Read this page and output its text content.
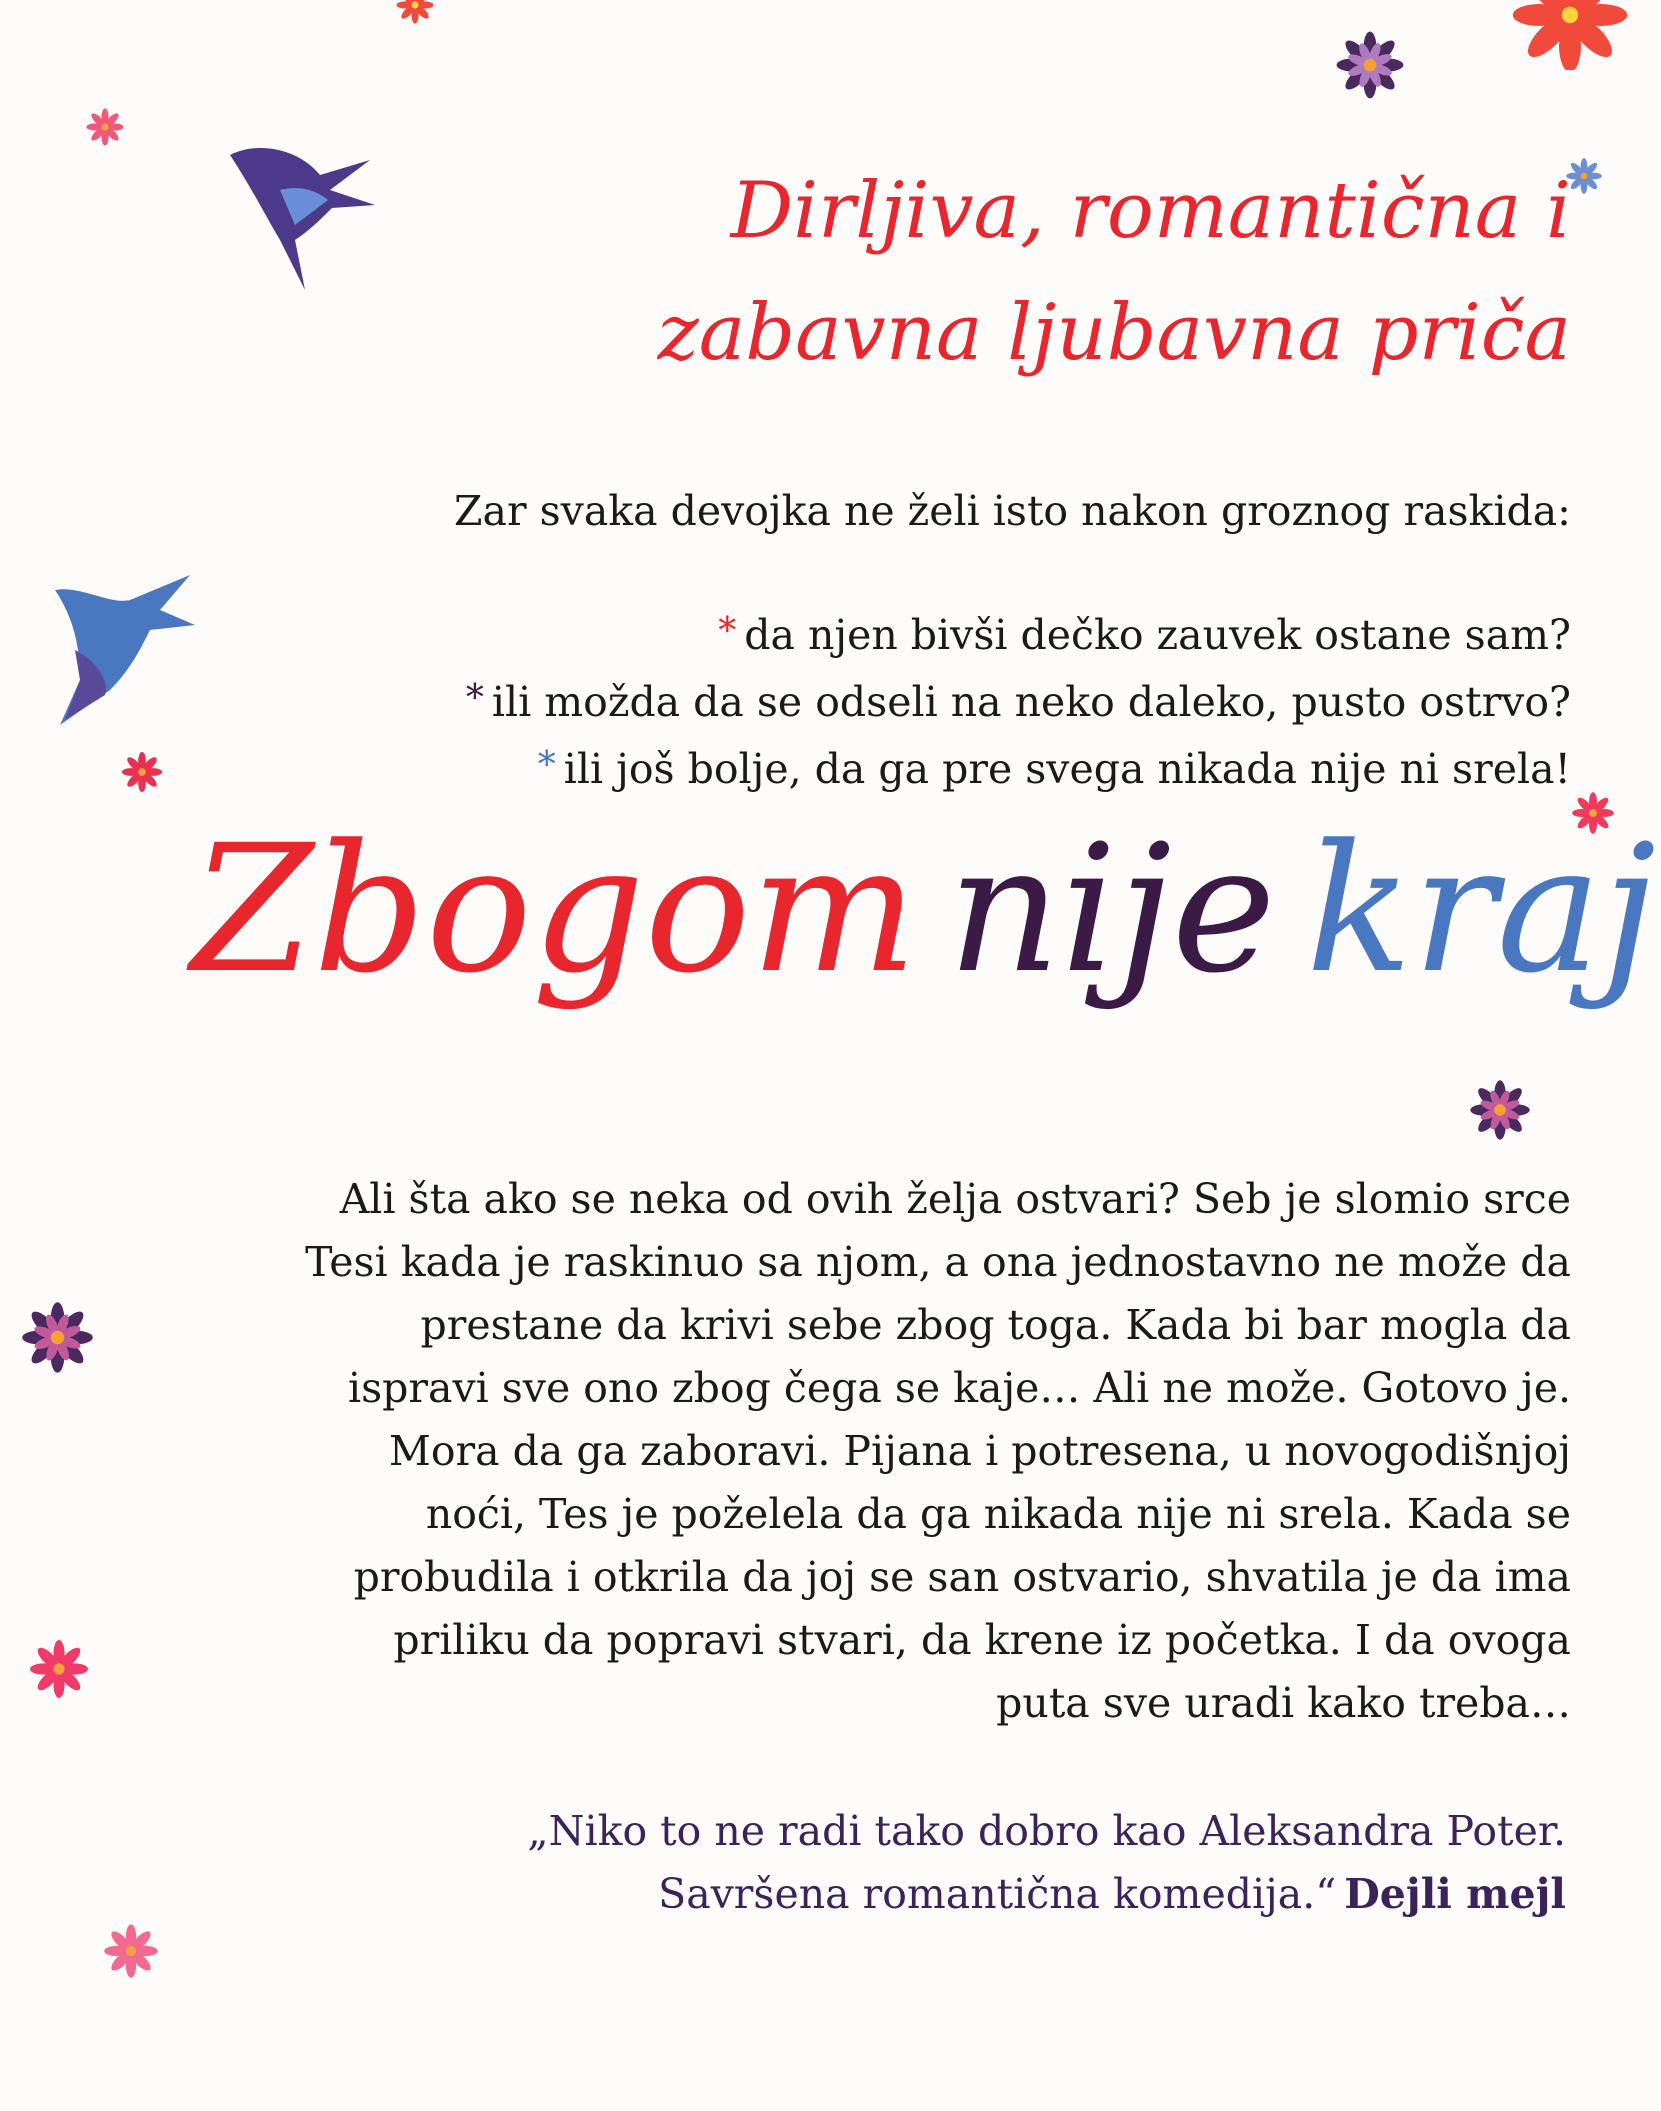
Dirljiva, romantična i
zabavna ljubavna priča
Zar svaka devojka ne želi isto nakon groznog raskida:
* da njen bivši dečko zauvek ostane sam?
* ili možda da se odseli na neko daleko, pusto ostrvo?
* ili još bolje, da ga pre svega nikada nije ni srela!
Zbogom nije kraj
Ali šta ako se neka od ovih želja ostvari? Seb je slomio srce
Tesi kada je raskinuo sa njom, a ona jednostavno ne može da
prestane da krivi sebe zbog toga. Kada bi bar mogla da
ispravi sve ono zbog čega se kaje… Ali ne može. Gotovo je.
Mora da ga zaboravi. Pijana i potresena, u novogodišnjoj
noći, Tes je poželela da ga nikada nije ni srela. Kada se
probudila i otkrila da joj se san ostvario, shvatila je da ima
priliku da popravi stvari, da krene iz početka. I da ovoga
puta sve uradi kako treba…
„Niko to ne radi tako dobro kao Aleksandra Poter.
Savršena romantična komedija.“ Dejli mejl
